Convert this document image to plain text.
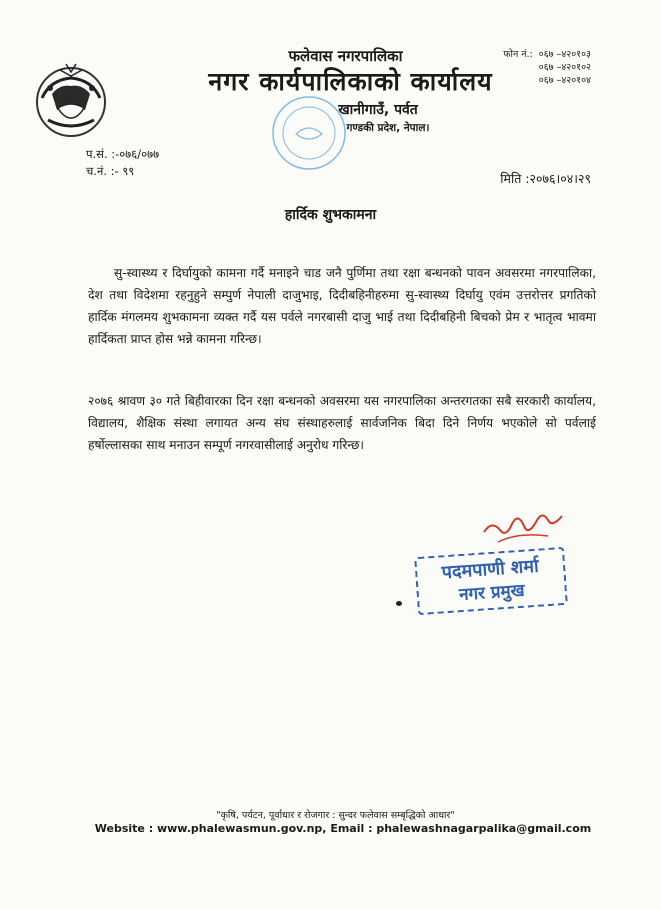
फलेवास नगरपालिका
नगर कार्यपालिकाको कार्यालय
खानीगाउँ, पर्वत
गण्डकी प्रदेश, नेपाल।
फोन नं.: ०६७ –४२०१०३
०६७ –४२०१०२
०६७ –४२०१०४
प.सं. :-०७६/०७७
च.नं. :- ९९	मिति :२०७६।०४।२९
हार्दिक शुभकामना
सु-स्वास्थ्य र दिर्घायुको कामना गर्दै मनाइने चाड जनै पुर्णिमा तथा रक्षा बन्धनको पावन अवसरमा नगरपालिका, देश तथा विदेशमा रहनुहुने सम्पुर्ण नेपाली दाजुभाइ, दिदीबहिनीहरुमा सु-स्वास्थ्य दिर्घायु एवंम उत्तरोत्तर प्रगतिको हार्दिक मंगलमय शुभकामना व्यक्त गर्दै यस पर्वले नगरबासी दाजु भाई तथा दिदीबहिनी बिचको प्रेम र भातृत्व भावमा हार्दिकता प्राप्त होस भन्ने कामना गरिन्छ।
२०७६ श्रावण ३० गते बिहीवारका दिन रक्षा बन्धनको अवसरमा यस नगरपालिका अन्तरगतका सबै सरकारी कार्यालय, विद्यालय, शैक्षिक संस्था लगायत अन्य संघ संस्थाहरुलाई सार्वजनिक बिदा दिने निर्णय भएकोले सो पर्वलाई हर्षोल्लासका साथ मनाउन सम्पूर्ण नगरवासीलाई अनुरोध गरिन्छ।
पदमपाणी शर्मा
नगर प्रमुख
"कृषि, पर्यटन, पूर्वाधार र रोजगार : सुन्दर फलेवास सम्बृद्धिको आधार"
Website : www.phalewasmun.gov.np, Email : phalewashnagarpalika@gmail.com
